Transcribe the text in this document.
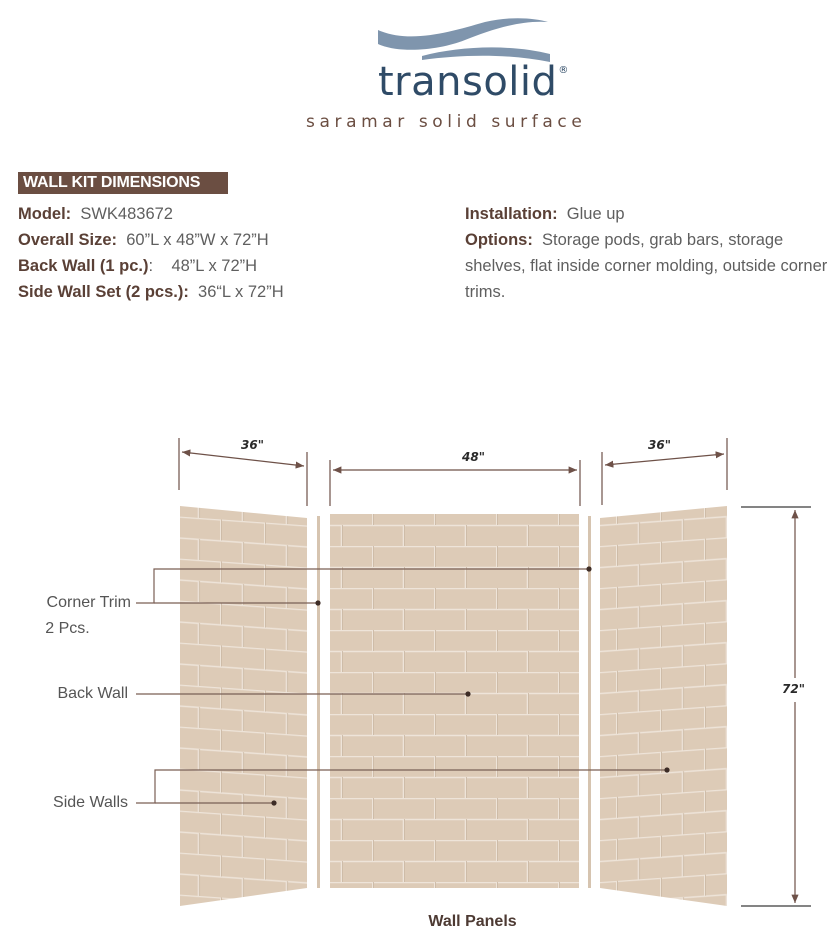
transolid®
saramar solid surface
WALL KIT DIMENSIONS
Model: SWK483672
Overall Size: 60”L x 48”W x 72”H
Back Wall (1 pc.): 48”L x 72”H
Side Wall Set (2 pcs.): 36“L x 72”H
Installation: Glue up
Options: Storage pods, grab bars, storage shelves, flat inside corner molding, outside corner trims.
36"
48"
36"
72"
Corner Trim
2 Pcs.
Back Wall
Side Walls
Wall Panels
